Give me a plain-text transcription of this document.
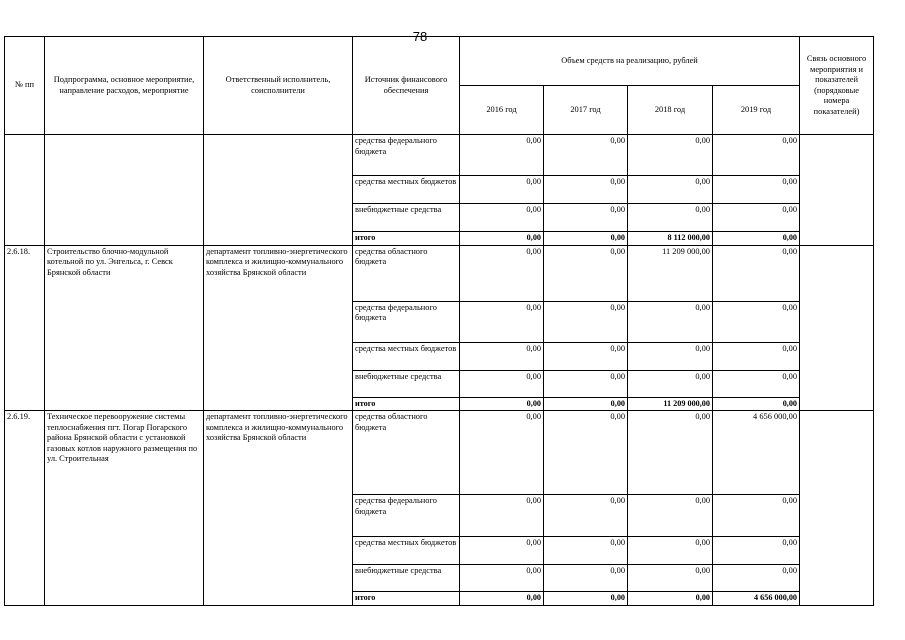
78
№ пп	Подпрограмма, основное мероприятие, направление расходов, мероприятие	Ответственный исполнитель, соисполнители	Источник финансового обеспечения	Объем средств на реализацию, рублей				Связь основного мероприятия и показателей (порядковые номера показателей)
				2016 год	2017 год	2018 год	2019 год	
			средства федерального бюджета	0,00	0,00	0,00	0,00	
			средства местных бюджетов	0,00	0,00	0,00	0,00	
			внебюджетные средства	0,00	0,00	0,00	0,00	
			итого	0,00	0,00	8 112 000,00	0,00	
2.6.18.	Строительство блочно-модульной котельной по ул. Энгельса, г. Севск Брянской области	департамент топливно-энергетического комплекса и жилищно-коммунального хозяйства Брянской области	средства областного бюджета	0,00	0,00	11 209 000,00	0,00	
			средства федерального бюджета	0,00	0,00	0,00	0,00	
			средства местных бюджетов	0,00	0,00	0,00	0,00	
			внебюджетные средства	0,00	0,00	0,00	0,00	
			итого	0,00	0,00	11 209 000,00	0,00	
2.6.19.	Техническое перевооружение системы теплоснабжения пгт. Погар Погарского района Брянской области с установкой газовых котлов наружного размещения по ул. Строительная	департамент топливно-энергетического комплекса и жилищно-коммунального хозяйства Брянской области	средства областного бюджета	0,00	0,00	0,00	4 656 000,00	
			средства федерального бюджета	0,00	0,00	0,00	0,00	
			средства местных бюджетов	0,00	0,00	0,00	0,00	
			внебюджетные средства	0,00	0,00	0,00	0,00	
			итого	0,00	0,00	0,00	4 656 000,00	
